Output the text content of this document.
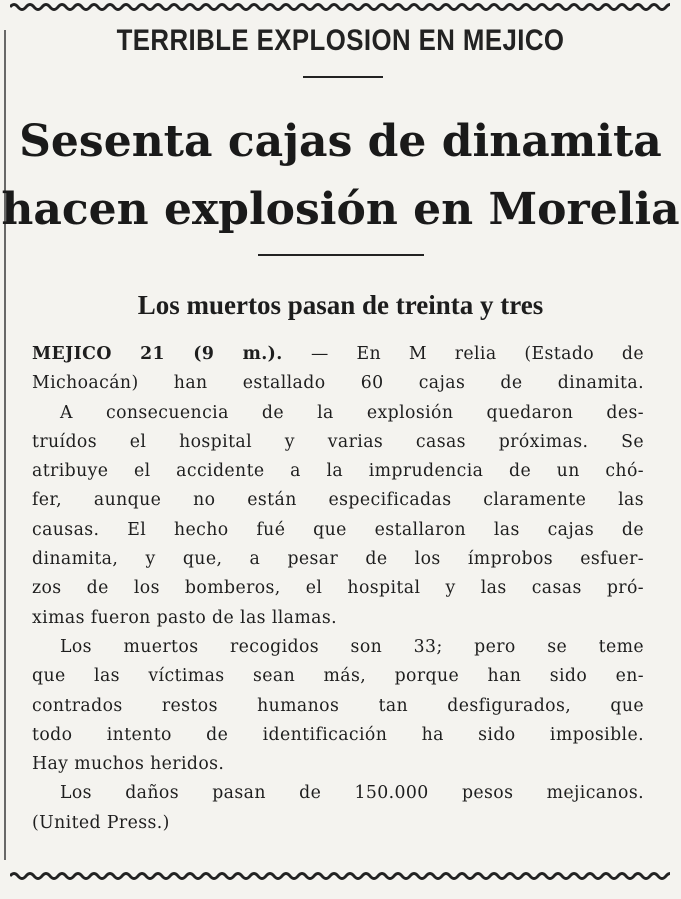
TERRIBLE EXPLOSION EN MEJICO
Sesenta cajas de dinamita
hacen explosión en Morelia
Los muertos pasan de treinta y tres
MEJICO 21 (9 m.). — En M relia (Estado de
Michoacán) han estallado 60 cajas de dinamita.
A consecuencia de la explosión quedaron des-
truídos el hospital y varias casas próximas. Se
atribuye el accidente a la imprudencia de un chó-
fer, aunque no están especificadas claramente las
causas. El hecho fué que estallaron las cajas de
dinamita, y que, a pesar de los ímprobos esfuer-
zos de los bomberos, el hospital y las casas pró-
ximas fueron pasto de las llamas.
Los muertos recogidos son 33; pero se teme
que las víctimas sean más, porque han sido en-
contrados restos humanos tan desfigurados, que
todo intento de identificación ha sido imposible.
Hay muchos heridos.
Los daños pasan de 150.000 pesos mejicanos.
(United Press.)
